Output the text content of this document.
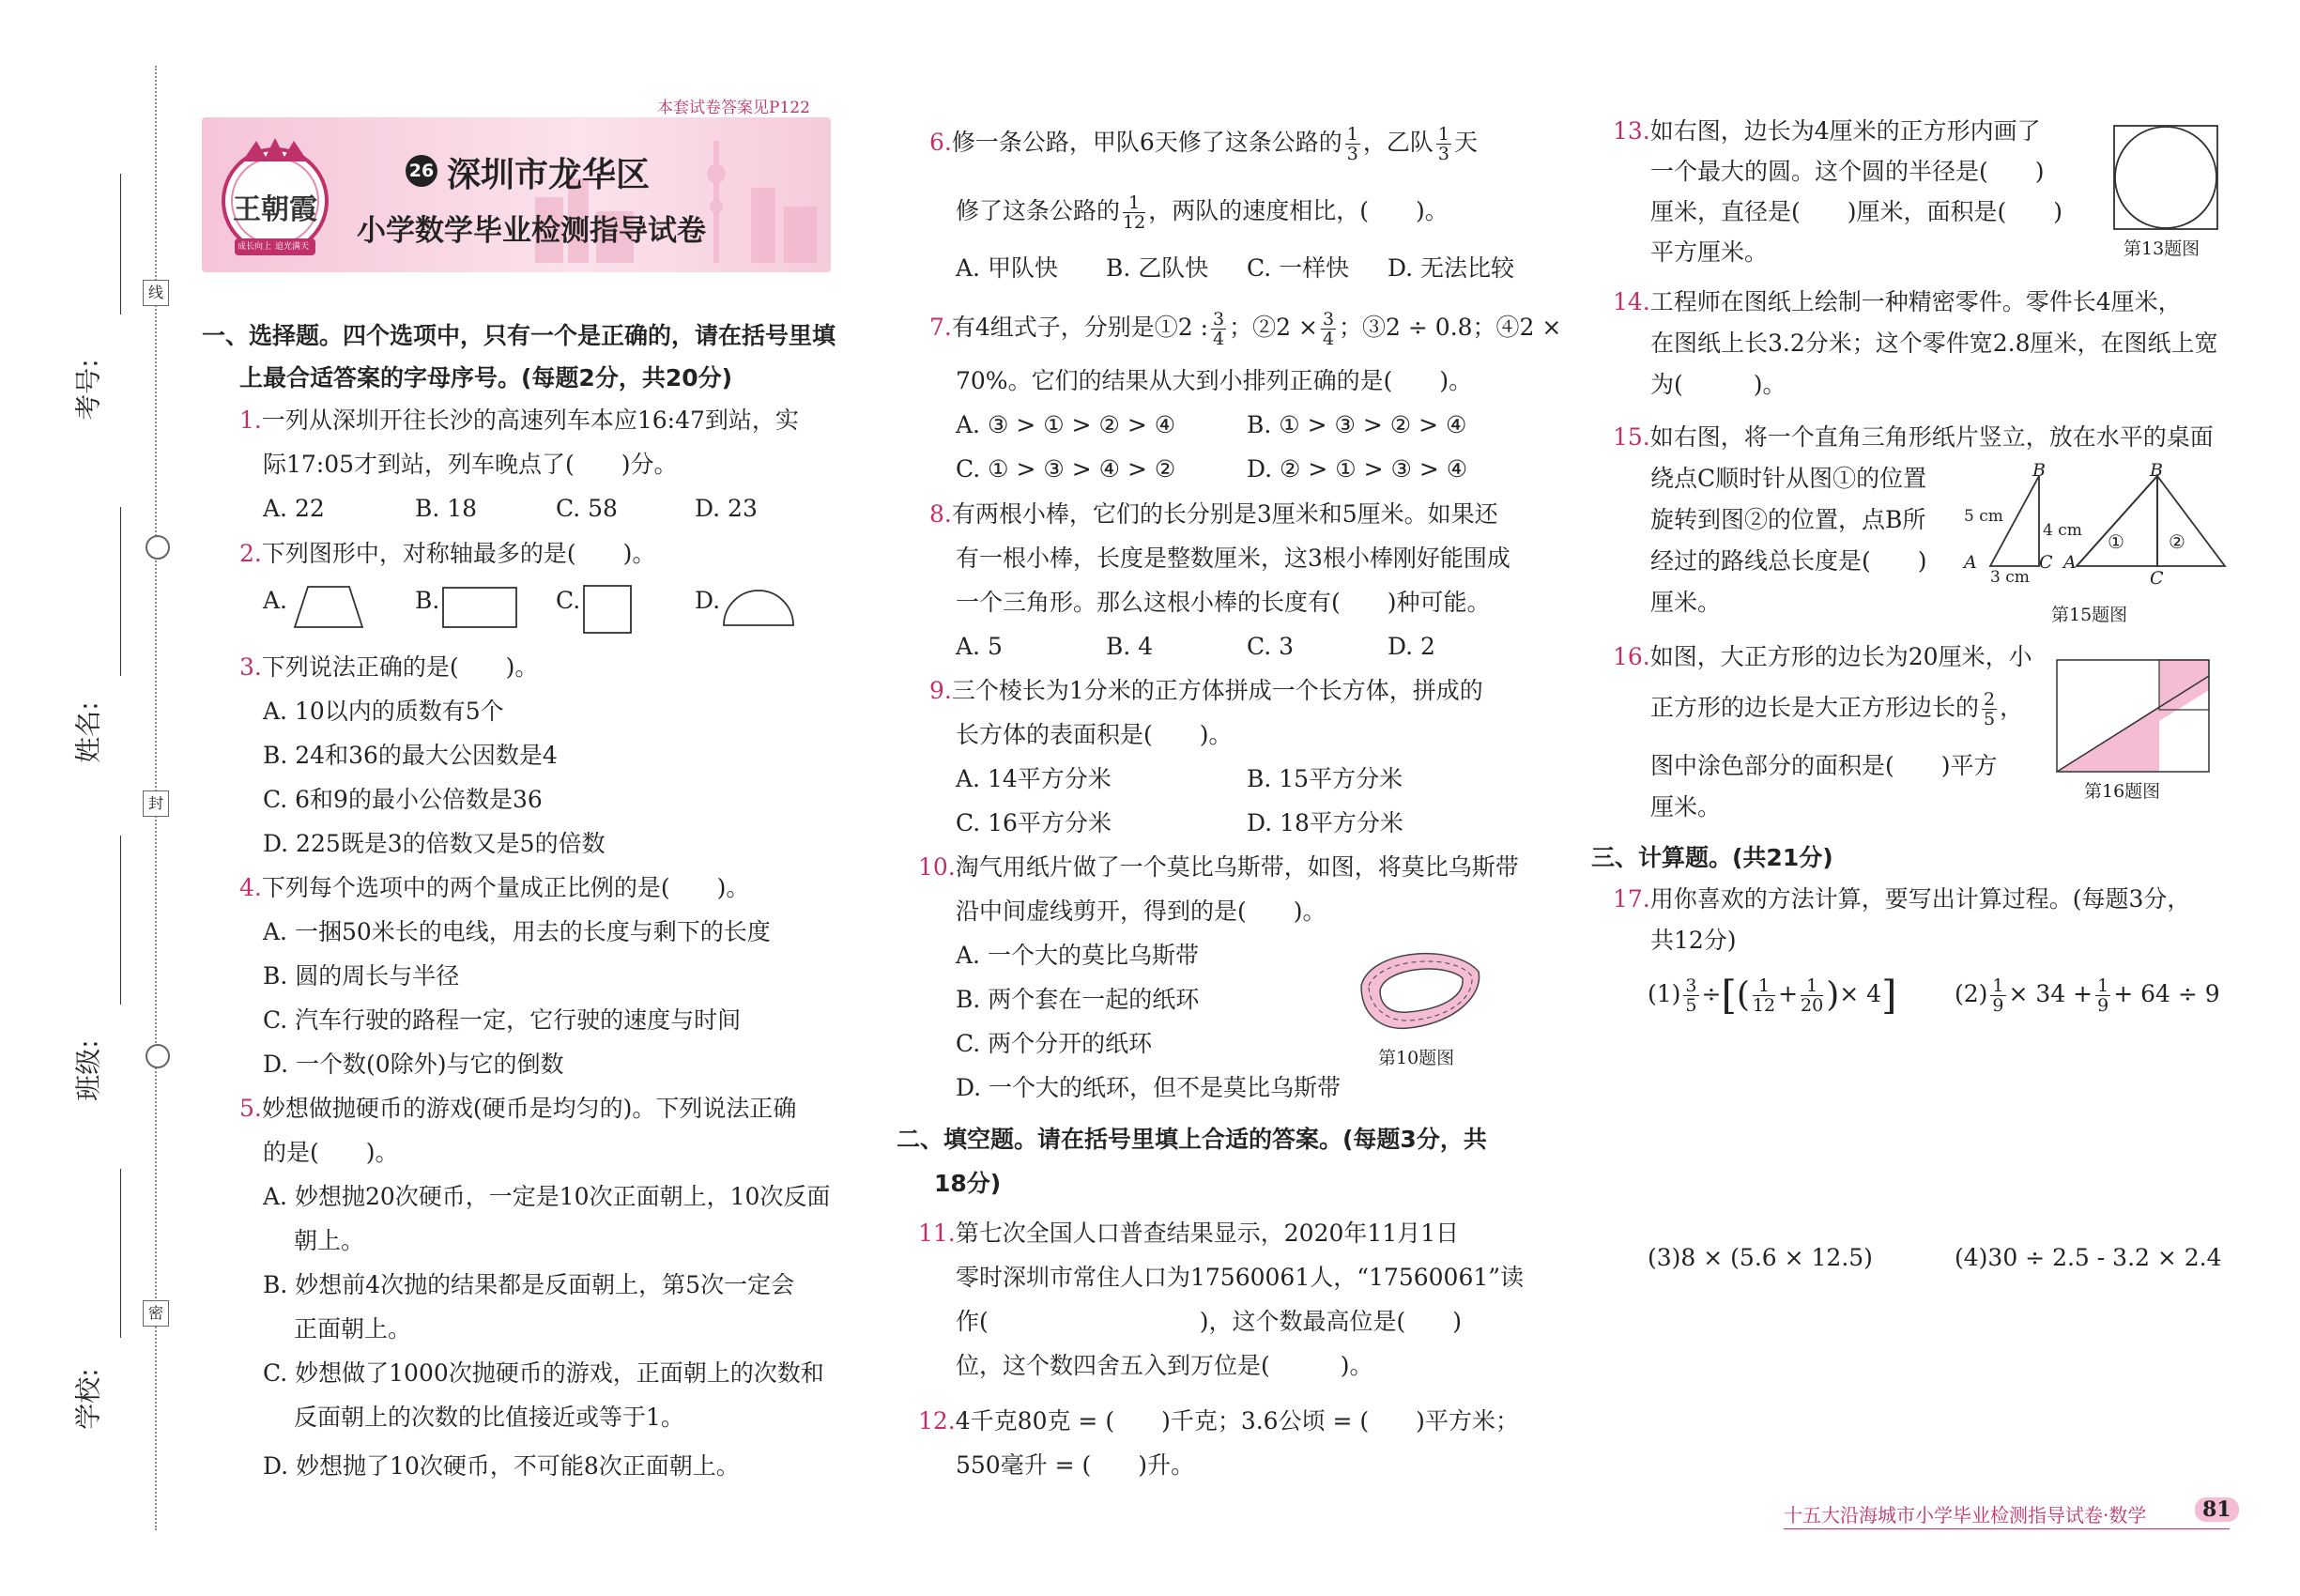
考号:
姓名:
班级:
学校:
线
封
密
本套试卷答案见P122
王朝霞
成长向上 追光满天
26 深圳市龙华区
小学数学毕业检测指导试卷
一、选择题。四个选项中，只有一个是正确的，请在括号里填
上最合适答案的字母序号。(每题2分，共20分)
1.一列从深圳开往长沙的高速列车本应16:47到站，实
际17:05才到站，列车晚点了(　　)分。
A. 22	B. 18	C. 58	D. 23
2.下列图形中，对称轴最多的是(　　)。
A.	B.	C.	D.
3.下列说法正确的是(　　)。
A. 10以内的质数有5个
B. 24和36的最大公因数是4
C. 6和9的最小公倍数是36
D. 225既是3的倍数又是5的倍数
4.下列每个选项中的两个量成正比例的是(　　)。
A. 一捆50米长的电线，用去的长度与剩下的长度
B. 圆的周长与半径
C. 汽车行驶的路程一定，它行驶的速度与时间
D. 一个数(0除外)与它的倒数
5.妙想做抛硬币的游戏(硬币是均匀的)。下列说法正确
的是(　　)。
A. 妙想抛20次硬币，一定是10次正面朝上，10次反面
朝上。
B. 妙想前4次抛的结果都是反面朝上，第5次一定会
正面朝上。
C. 妙想做了1000次抛硬币的游戏，正面朝上的次数和
反面朝上的次数的比值接近或等于1。
D. 妙想抛了10次硬币，不可能8次正面朝上。
6.修一条公路，甲队6天修了这条公路的 $\frac{1}{3}$ ，乙队 $\frac{1}{3}$ 天
修了这条公路的 $\frac{1}{12}$ ，两队的速度相比，(　　)。
A. 甲队快 B. 乙队快 C. 一样快 D. 无法比较
7.有4组式子，分别是①2 : $\frac{3}{4}$ ；②2 × $\frac{3}{4}$ ；③2 ÷ 0.8；④2 ×
70%。它们的结果从大到小排列正确的是(　　)。
A. ③ > ① > ② > ④	B. ① > ③ > ② > ④
C. ① > ③ > ④ > ②	D. ② > ① > ③ > ④
8.有两根小棒，它们的长分别是3厘米和5厘米。如果还
有一根小棒，长度是整数厘米，这3根小棒刚好能围成
一个三角形。那么这根小棒的长度有(　　)种可能。
A. 5	B. 4	C. 3	D. 2
9.三个棱长为1分米的正方体拼成一个长方体，拼成的
长方体的表面积是(　　)。
A. 14平方分米	B. 15平方分米
C. 16平方分米	D. 18平方分米
10.淘气用纸片做了一个莫比乌斯带，如图，将莫比乌斯带
沿中间虚线剪开，得到的是(　　)。
A. 一个大的莫比乌斯带
B. 两个套在一起的纸环
C. 两个分开的纸环
D. 一个大的纸环，但不是莫比乌斯带
第10题图
二、填空题。请在括号里填上合适的答案。(每题3分，共
18分)
11.第七次全国人口普查结果显示，2020年11月1日
零时深圳市常住人口为17560061人，“17560061”读
作(　　　　　　　　　)，这个数最高位是(　　)
位，这个数四舍五入到万位是(　　　)。
12.4千克80克 = (　　)千克；3.6公顷 = (　　)平方米；
550毫升 = (　　)升。
13.如右图，边长为4厘米的正方形内画了
一个最大的圆。这个圆的半径是(　　)
厘米，直径是(　　)厘米，面积是(　　)
平方厘米。	第13题图
14.工程师在图纸上绘制一种精密零件。零件长4厘米，
在图纸上长3.2分米；这个零件宽2.8厘米，在图纸上宽
为(　　　)。
15.如右图，将一个直角三角形纸片竖立，放在水平的桌面
绕点C顺时针从图①的位置
旋转到图②的位置，点B所
经过的路线总长度是(　　)
厘米。
B	B
5 cm
4 cm
3 cm
A	C A
C
① ②
第15题图
16.如图，大正方形的边长为20厘米，小
正方形的边长是大正方形边长的 $\frac{2}{5}$ ，
图中涂色部分的面积是(　　)平方
厘米。
第16题图
三、计算题。(共21分)
17.用你喜欢的方法计算，要写出计算过程。(每题3分，
共12分)
$(1) \frac{3}{5}$ ÷[( $\frac{1}{12} + \frac{1}{20}$ )× 4] $(2) \frac{1}{9} \times 34 + \frac{1}{9} + 64 \div 9$
(3)8 × (5.6 × 12.5)	(4)30 ÷ 2.5 - 3.2 × 2.4
十五大沿海城市小学毕业检测指导试卷·数学	81
